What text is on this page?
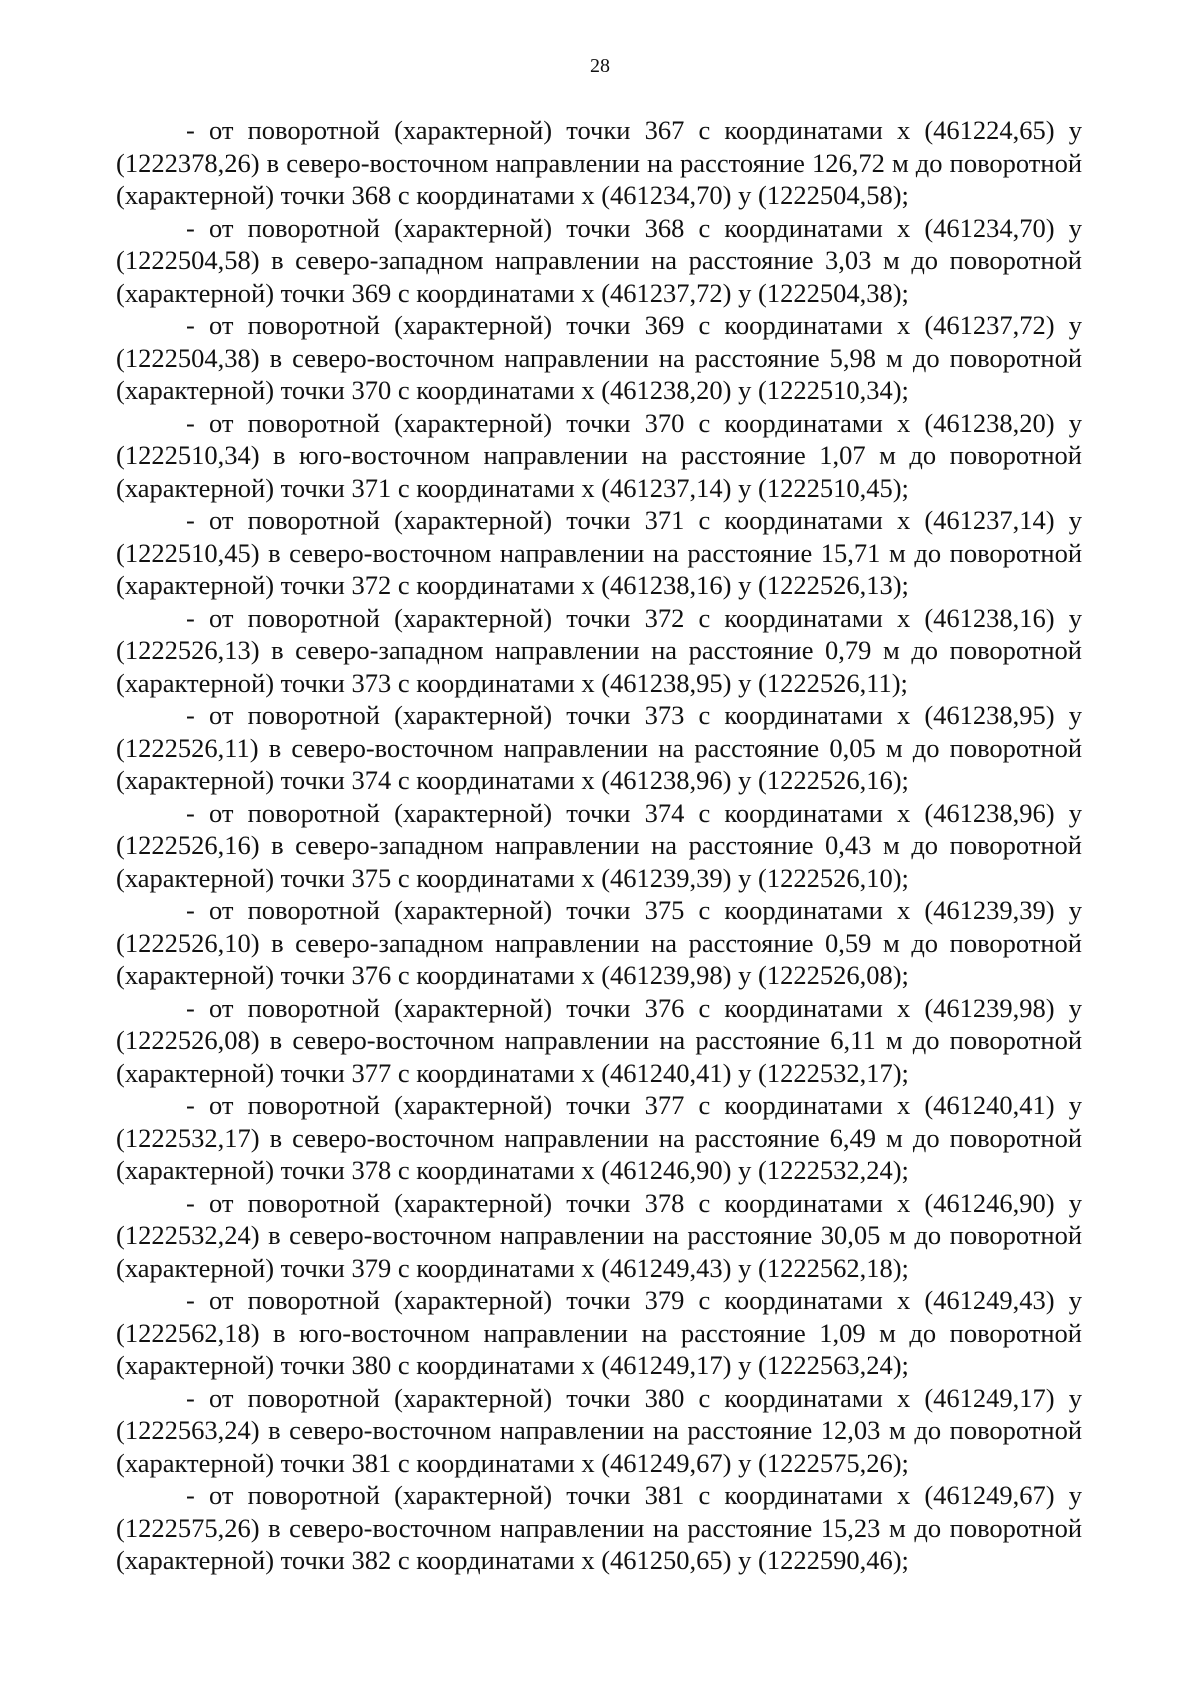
28

- от поворотной (характерной) точки 367 с координатами х (461224,65) у (1222378,26) в северо-восточном направлении на расстояние 126,72 м до поворотной (характерной) точки 368 с координатами х (461234,70) у (1222504,58);

- от поворотной (характерной) точки 368 с координатами х (461234,70) у (1222504,58) в северо-западном направлении на расстояние 3,03 м до поворотной (характерной) точки 369 с координатами х (461237,72) у (1222504,38);

- от поворотной (характерной) точки 369 с координатами х (461237,72) у (1222504,38) в северо-восточном направлении на расстояние 5,98 м до поворотной (характерной) точки 370 с координатами х (461238,20) у (1222510,34);

- от поворотной (характерной) точки 370 с координатами х (461238,20) у (1222510,34) в юго-восточном направлении на расстояние 1,07 м до поворотной (характерной) точки 371 с координатами х (461237,14) у (1222510,45);

- от поворотной (характерной) точки 371 с координатами х (461237,14) у (1222510,45) в северо-восточном направлении на расстояние 15,71 м до поворотной (характерной) точки 372 с координатами х (461238,16) у (1222526,13);

- от поворотной (характерной) точки 372 с координатами х (461238,16) у (1222526,13) в северо-западном направлении на расстояние 0,79 м до поворотной (характерной) точки 373 с координатами х (461238,95) у (1222526,11);

- от поворотной (характерной) точки 373 с координатами х (461238,95) у (1222526,11) в северо-восточном направлении на расстояние 0,05 м до поворотной (характерной) точки 374 с координатами х (461238,96) у (1222526,16);

- от поворотной (характерной) точки 374 с координатами х (461238,96) у (1222526,16) в северо-западном направлении на расстояние 0,43 м до поворотной (характерной) точки 375 с координатами х (461239,39) у (1222526,10);

- от поворотной (характерной) точки 375 с координатами х (461239,39) у (1222526,10) в северо-западном направлении на расстояние 0,59 м до поворотной (характерной) точки 376 с координатами х (461239,98) у (1222526,08);

- от поворотной (характерной) точки 376 с координатами х (461239,98) у (1222526,08) в северо-восточном направлении на расстояние 6,11 м до поворотной (характерной) точки 377 с координатами х (461240,41) у (1222532,17);

- от поворотной (характерной) точки 377 с координатами х (461240,41) у (1222532,17) в северо-восточном направлении на расстояние 6,49 м до поворотной (характерной) точки 378 с координатами х (461246,90) у (1222532,24);

- от поворотной (характерной) точки 378 с координатами х (461246,90) у (1222532,24) в северо-восточном направлении на расстояние 30,05 м до поворотной (характерной) точки 379 с координатами х (461249,43) у (1222562,18);

- от поворотной (характерной) точки 379 с координатами х (461249,43) у (1222562,18) в юго-восточном направлении на расстояние 1,09 м до поворотной (характерной) точки 380 с координатами х (461249,17) у (1222563,24);

- от поворотной (характерной) точки 380 с координатами х (461249,17) у (1222563,24) в северо-восточном направлении на расстояние 12,03 м до поворотной (характерной) точки 381 с координатами х (461249,67) у (1222575,26);

- от поворотной (характерной) точки 381 с координатами х (461249,67) у (1222575,26) в северо-восточном направлении на расстояние 15,23 м до поворотной (характерной) точки 382 с координатами х (461250,65) у (1222590,46);
